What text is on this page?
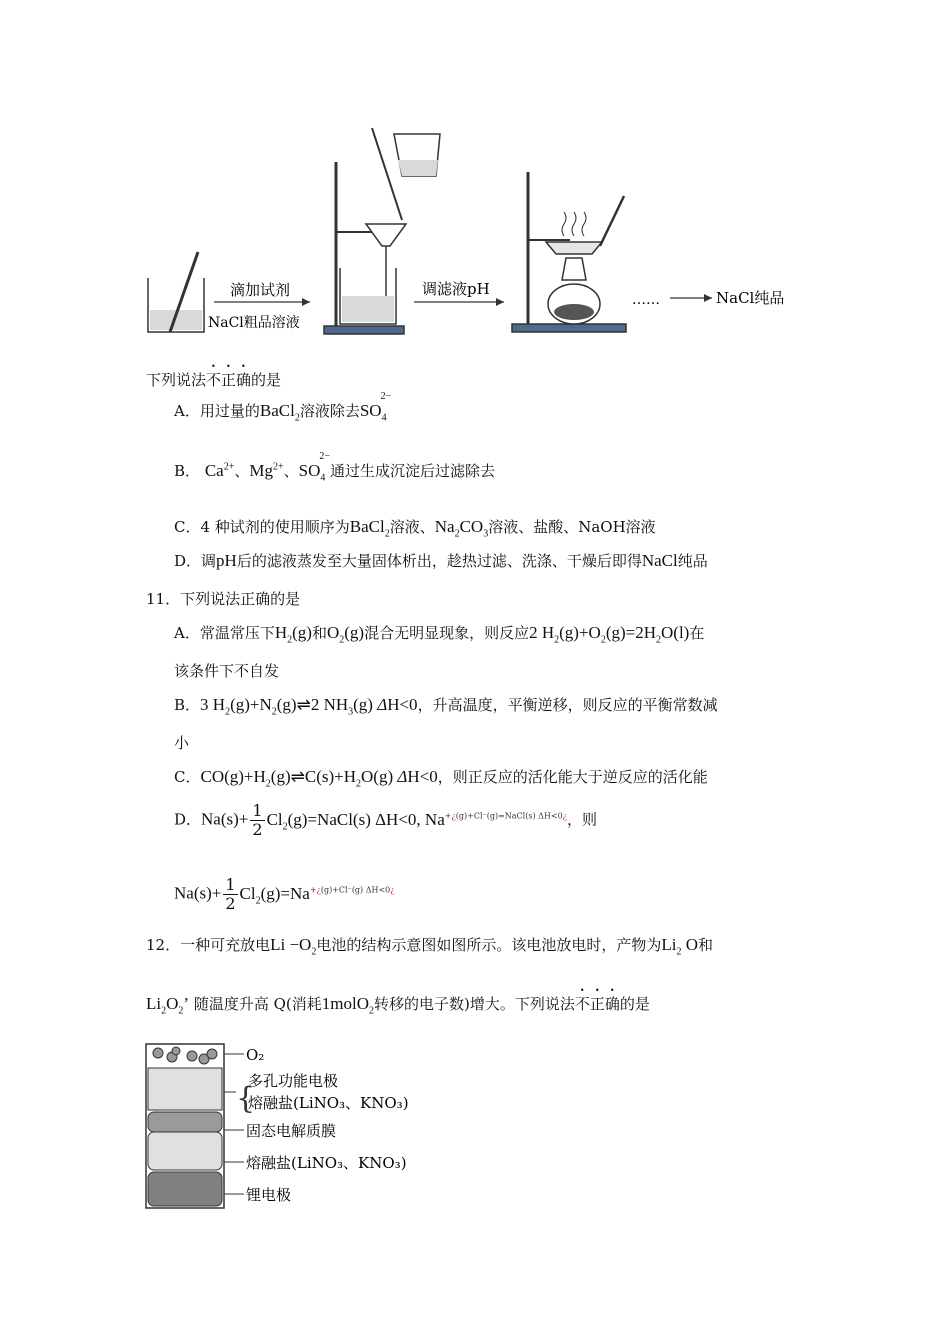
NaCl粗品溶液
滴加试剂	调滤液pH
……	NaCl纯品
下列说法不正确的是
A．用过量的BaCl$_2$溶液除去$SO_4^{2-}$
B． $Ca^{2+}$、$Mg^{2+}$、$SO_4^{2-}$通过生成沉淀后过滤除去
C．4 种试剂的使用顺序为BaCl$_2$溶液、$Na_2CO_3$溶液、盐酸、NaOH溶液
D．调pH后的滤液蒸发至大量固体析出，趁热过滤、洗涤、干燥后即得NaCl纯品
11．下列说法正确的是
A．常温常压下$H_2(g)$和$O_2(g)$混合无明显现象，则反应2 $H_2(g)+O_2(g)=2H_2O(l)$在
该条件下不自发
B．3 $H_2(g)+N_2(g)\rightleftharpoons 2$ $NH_3(g)$ ΔH<0，升高温度，平衡逆移，则反应的平衡常数减
小
C．$CO(g)+H_2(g)\rightleftharpoons C(s)+H_2O(g)$ ΔH<0，则正反应的活化能大于逆反应的活化能
D．$Na(s)+ \frac{1}{2}$ $Cl_2(g)=NaCl(s)$ ΔH<0, $Na^{+¿(g)+Cl^-(g)=NaCl(s) \Delta H<0¿}$，则
$Na(s)+ \frac{1}{2} Cl_2(g)=Na^{+¿(g)+Cl^-(g) \Delta H<0¿}$
12．一种可充放电$Li -O_2$电池的结构示意图如图所示。该电池放电时，产物为$Li_2$ O和
$Li_2O_2$’ 随温度升高 Q(消耗1molO$_2$转移的电子数)增大。下列说法不正确的是
O₂
{
多孔功能电极
熔融盐(LiNO₃、KNO₃)
固态电解质膜
熔融盐(LiNO₃、KNO₃)
锂电极
